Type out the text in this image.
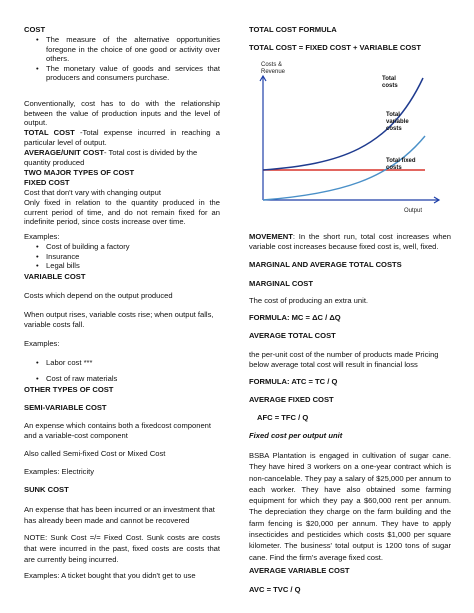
COST

• The measure of the alternative opportunities foregone in the choice of one good or activity over others.
• The monetary value of goods and services that producers and consumers purchase.

Conventionally, cost has to do with the relationship between the value of production inputs and the level of output.

TOTAL COST -Total expense incurred in reaching a particular level of output.

AVERAGE/UNIT COST- Total cost is divided by the quantity produced

TWO MAJOR TYPES OF COST

FIXED COST

Cost that don't vary with changing output

Only fixed in relation to the quantity produced in the current period of time, and do not remain fixed for an indefinite period, since costs increase over time.

Examples:

• Cost of building a factory
• Insurance
• Legal bills

VARIABLE COST

Costs which depend on the output produced

When output rises, variable costs rise; when output falls, variable costs fall.

Examples:

• Labor cost ***
• Cost of raw materials

OTHER TYPES OF COST

SEMI-VARIABLE COST

An expense which contains both a fixedcost component and a variable-cost component

Also called Semi-fixed Cost or Mixed Cost

Examples: Electricity

SUNK COST

An expense that has been incurred or an investment that has already been made and cannot be recovered

NOTE: Sunk Cost =/= Fixed Cost. Sunk costs are costs that were incurred in the past, fixed costs are costs that are currently being incurred.

Examples: A ticket bought that you didn't get to use

TOTAL COST FORMULA

TOTAL COST = FIXED COST + VARIABLE COST

Costs & Revenue
Output
Total costs
Total variable costs
Total fixed costs

MOVEMENT: In the short run, total cost increases when variable cost increases because fixed cost is, well, fixed.

MARGINAL AND AVERAGE TOTAL COSTS

MARGINAL COST

The cost of producing an extra unit.

FORMULA: MC = ΔC / ΔQ

AVERAGE TOTAL COST

the per-unit cost of the number of products made Pricing below average total cost will result in financial loss

FORMULA: ATC = TC / Q

AVERAGE FIXED COST

AFC = TFC / Q

Fixed cost per output unit

BSBA Plantation is engaged in cultivation of sugar cane. They have hired 3 workers on a one-year contract which is non-cancelable. They pay a salary of $25,000 per annum to each worker. They have also obtained some farming equipment for which they pay a $60,000 rent per annum. The depreciation they charge on the farm building and the farm fencing is $20,000 per annum. They have to apply insecticides and pesticides which costs $1,000 per square kilometer. The business' total output is 1200 tons of sugar cane. Find the firm's average fixed cost.

AVERAGE VARIABLE COST

AVC = TVC / Q
